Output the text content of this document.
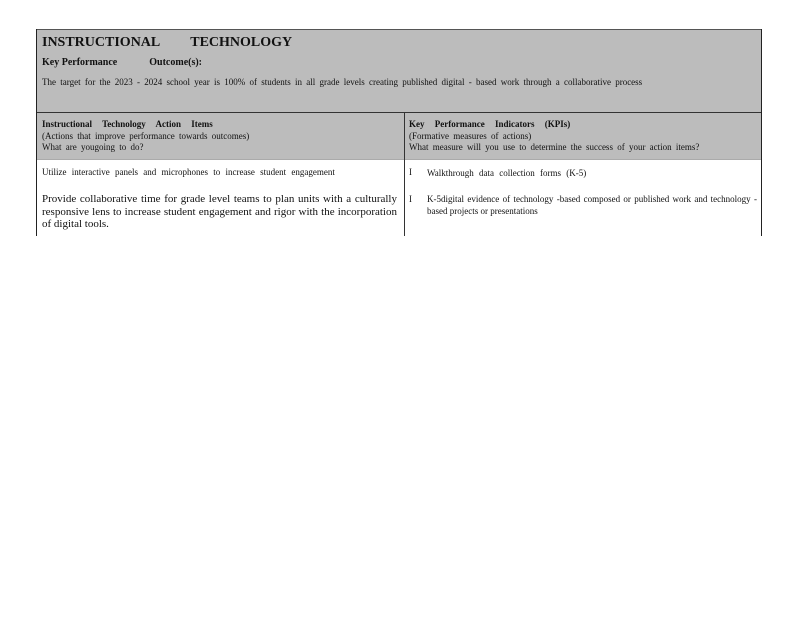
INSTRUCTIONAL TECHNOLOGY
Key Performance	Outcome(s):
The target for the 2023 - 2024 school year is 100% of students in all grade levels creating published digital - based work through a collaborative process
Instructional Technology Action Items
(Actions that improve performance towards outcomes)
What are yougoing to do?
Key Performance Indicators (KPIs)
(Formative measures of actions)
What measure will you use to determine the success of your action items?
Utilize interactive panels and microphones to increase student engagement
Provide collaborative time for grade level teams to plan units with a culturally responsive lens to increase student engagement and rigor with the incorporation of digital tools.
I Walkthrough data collection forms (K-5)
I K-5digital evidence of technology -based composed or published work and technology -based projects or presentations
